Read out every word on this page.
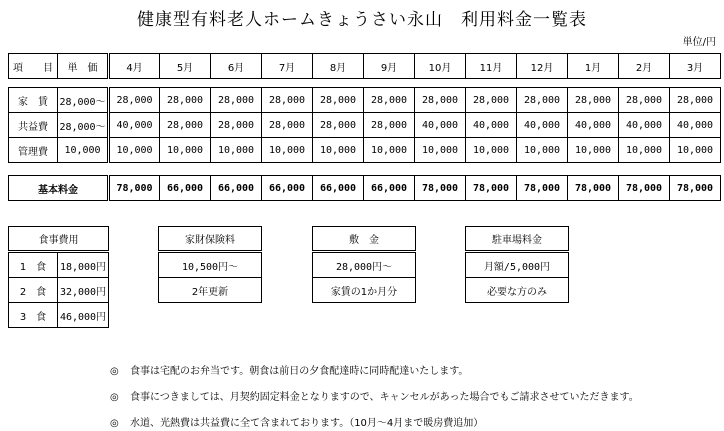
健康型有料老人ホームきょうさい永山　利用料金一覧表
単位/円
項　　目	単　価	4月	5月	6月	7月	8月	9月	10月	11月	12月	1月	2月	3月
家　賃	28,000～	28,000	28,000	28,000	28,000	28,000	28,000	28,000	28,000	28,000	28,000	28,000	28,000
共益費	28,000～	40,000	28,000	28,000	28,000	28,000	28,000	40,000	40,000	40,000	40,000	40,000	40,000
管理費	10,000	10,000	10,000	10,000	10,000	10,000	10,000	10,000	10,000	10,000	10,000	10,000	10,000
基本料金	78,000	66,000	66,000	66,000	66,000	66,000	78,000	78,000	78,000	78,000	78,000	78,000
食事費用	
1　食	18,000円
2　食	32,000円
3　食	46,000円
家財保険料
10,500円～
2年更新
敷　金
28,000円～
家賃の1か月分
駐車場料金
月額/5,000円
必要な方のみ
◎ 食事は宅配のお弁当です。朝食は前日の夕食配達時に同時配達いたします。
◎ 食事につきましては、月契約固定料金となりますので、キャンセルがあった場合でもご請求させていただきます。
◎ 水道、光熱費は共益費に全て含まれております。（10月～4月まで暖房費追加）
